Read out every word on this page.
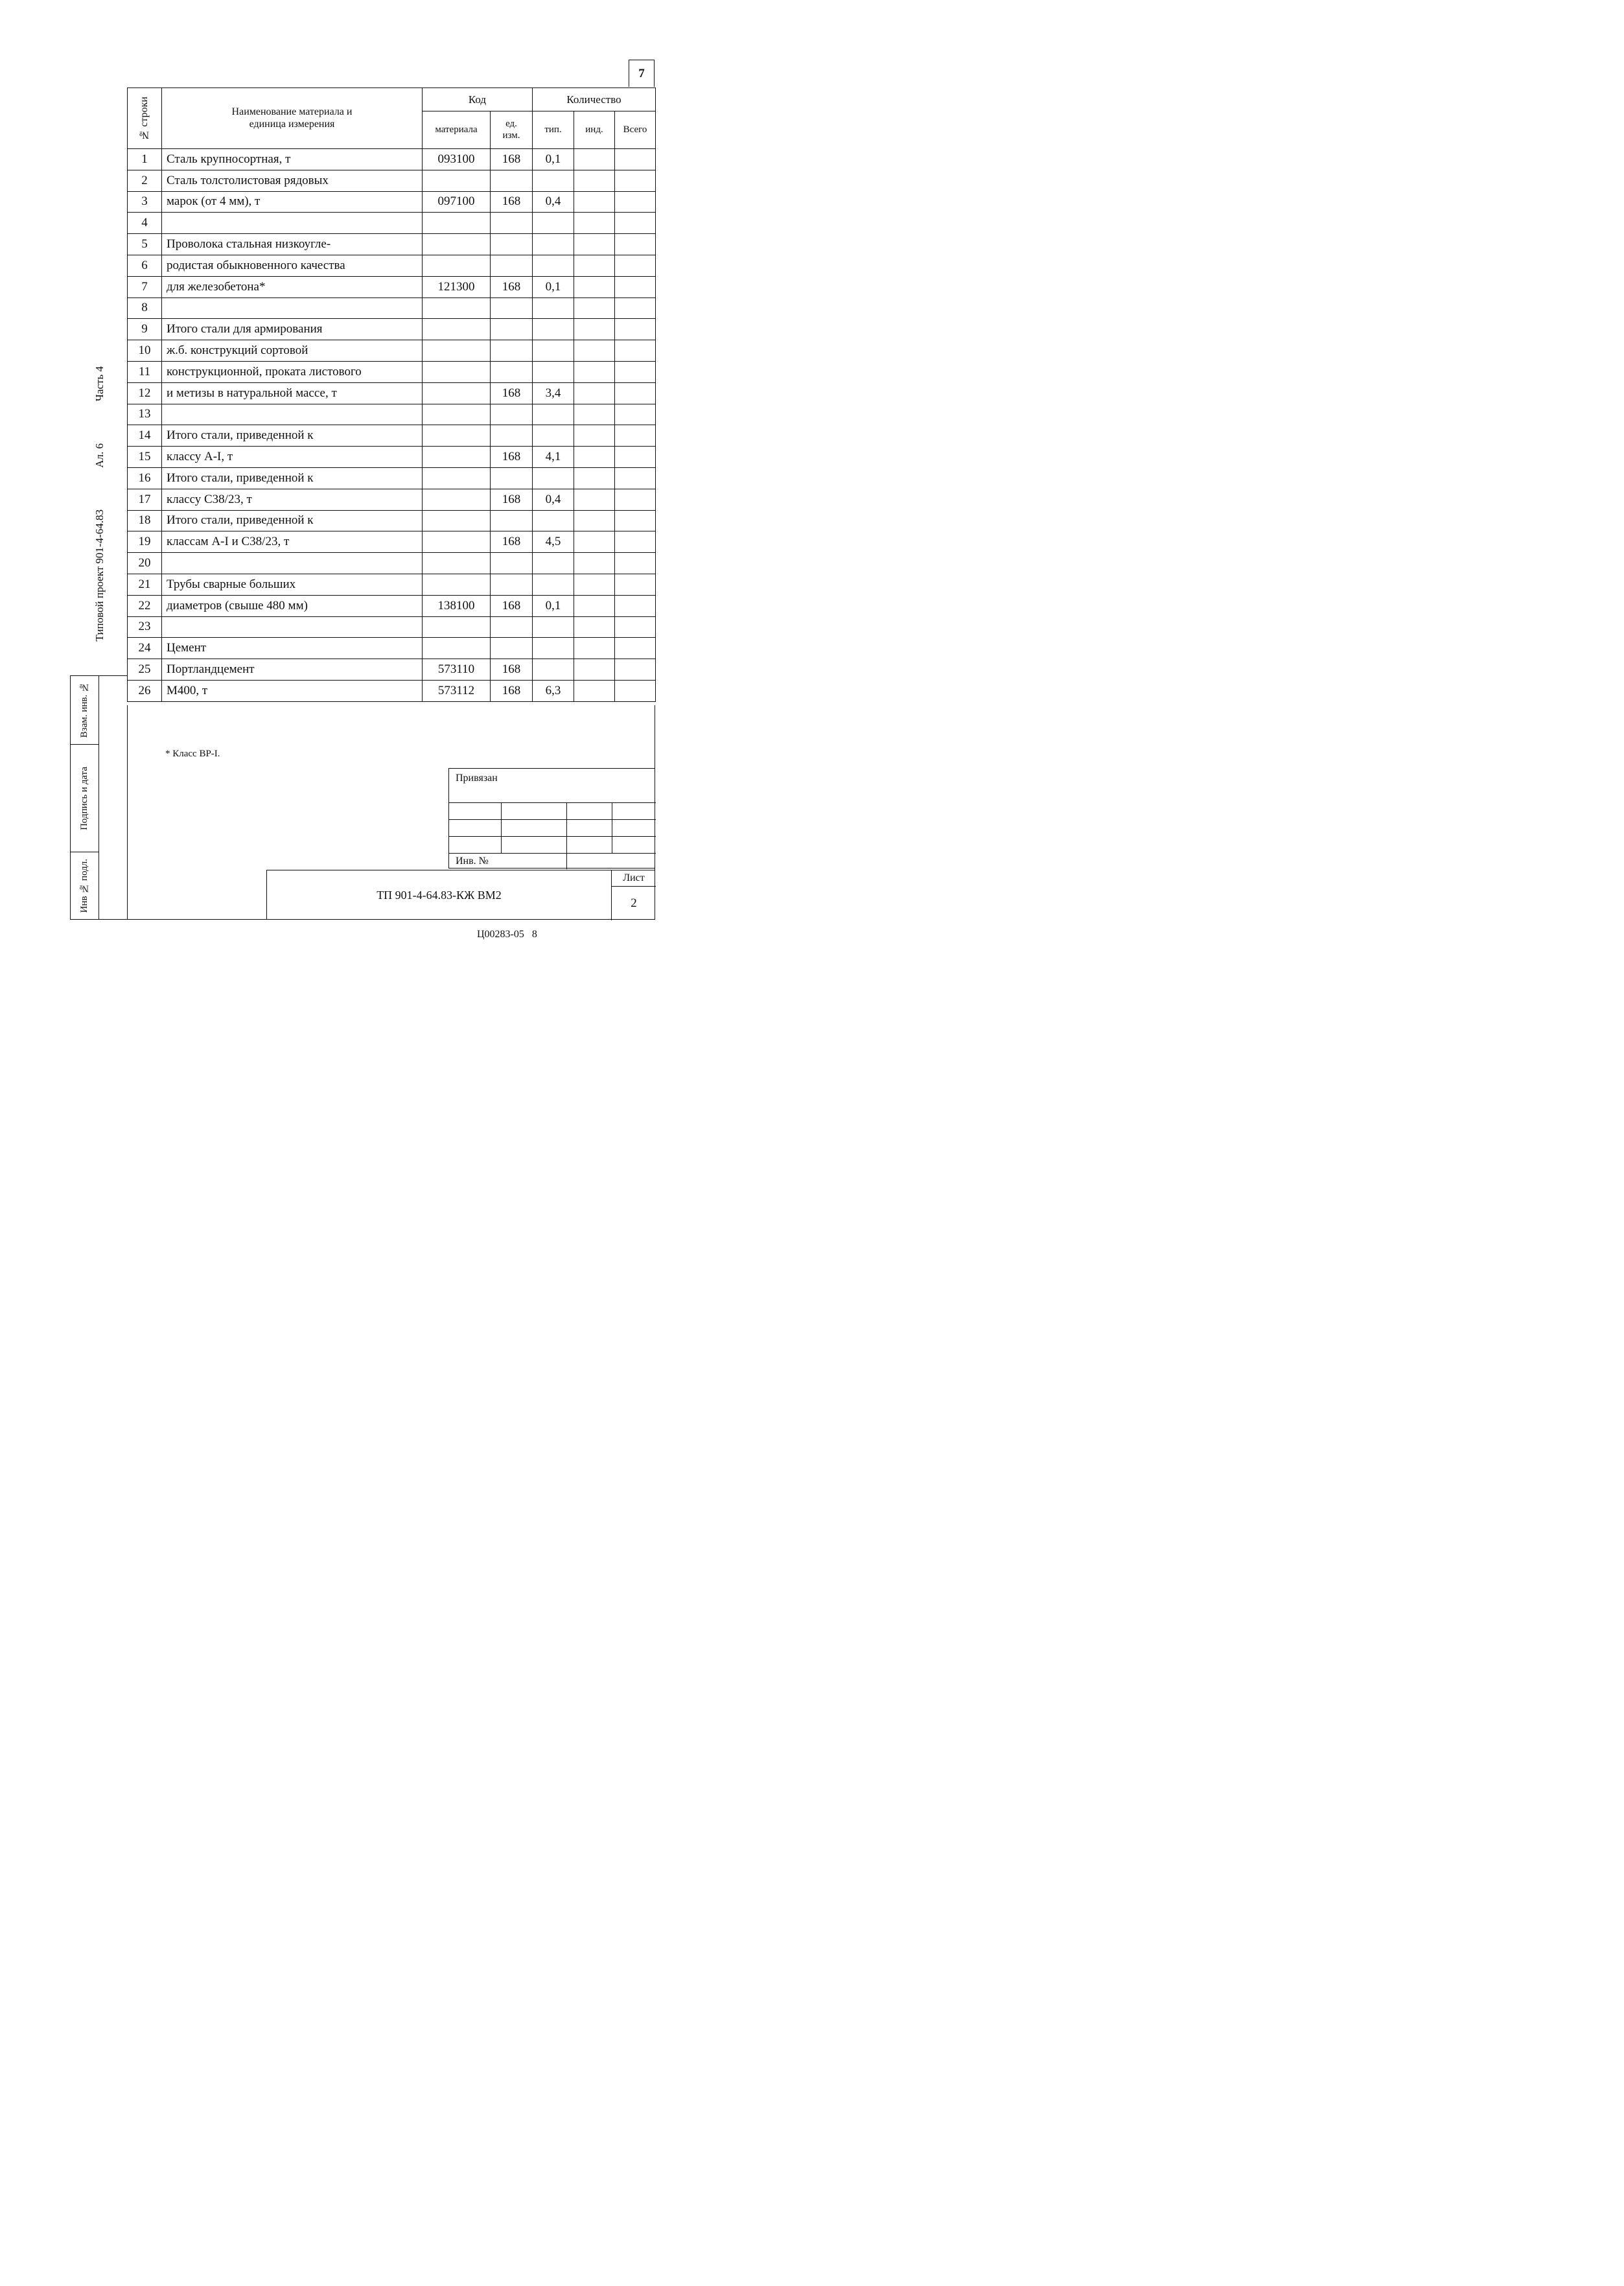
7
№ строки	Наименование материала и единица измерения	Код		Количество		
		материала	ед. изм.	тип.	инд.	Всего
1	Сталь крупносортная, т	093100	168	0,1		
2	Сталь толстолистовая рядовых					
3	марок (от 4 мм), т	097100	168	0,4		
4						
5	Проволока стальная низкоугле-					
6	родистая обыкновенного качества					
7	для железобетона*	121300	168	0,1		
8						
9	Итого стали для армирования					
10	ж.б. конструкций сортовой					
11	конструкционной, проката листового					
12	и метизы в натуральной массе, т		168	3,4		
13						
14	Итого стали, приведенной к					
15	классу A-I, т		168	4,1		
16	Итого стали, приведенной к					
17	классу С38/23, т		168	0,4		
18	Итого стали, приведенной к					
19	классам А-I и С38/23, т		168	4,5		
20						
21	Трубы сварные больших					
22	диаметров (свыше 480 мм)	138100	168	0,1		
23						
24	Цемент					
25	Портландцемент	573110	168			
26	М400, т	573112	168	6,3		
Часть 4
Ал. 6
Типовой проект 901-4-64.83
Взам. инв. №
Подпись и дата
Инв № подл.
* Класс ВР-I.
Привязан
Инв. №
ТП 901-4-64.83-КЖ ВМ2
Лист
2
Ц00283-05   8
